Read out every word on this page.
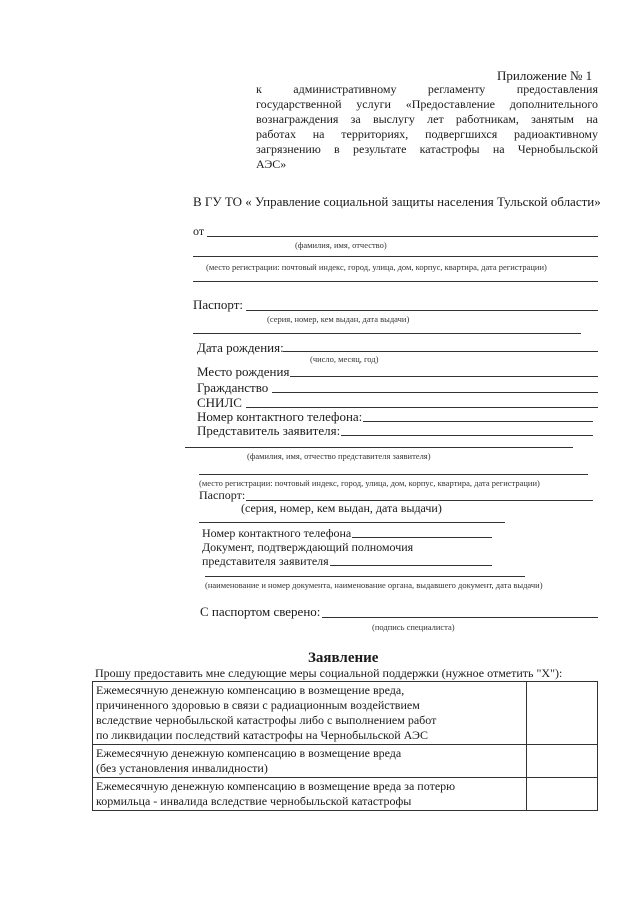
Приложение № 1
к административному регламенту предоставления
государственной услуги «Предоставление дополнительного
вознаграждения за выслугу лет работникам, занятым на
работах на территориях, подвергшихся радиоактивному
загрязнению в результате катастрофы на Чернобыльской
АЭС»
В ГУ ТО « Управление социальной защиты населения Тульской области»
от
(фамилия, имя, отчество)
(место регистрации: почтовый индекс, город, улица, дом, корпус, квартира, дата регистрации)
Паспорт:
(серия, номер, кем выдан, дата выдачи)
Дата рождения:
(число, месяц, год)
Место рождения
Гражданство
СНИЛС
Номер контактного телефона:
Представитель заявителя:
(фамилия, имя, отчество представителя заявителя)
(место регистрации: почтовый индекс, город, улица, дом, корпус, квартира, дата регистрации)
Паспорт:
(серия, номер, кем выдан, дата выдачи)
Номер контактного телефона
Документ, подтверждающий полномочия
представителя заявителя
(наименование и номер документа, наименование органа, выдавшего документ, дата выдачи)
С паспортом сверено:
(подпись специалиста)
Заявление
Прошу предоставить мне следующие меры социальной поддержки (нужное отметить "Х"):
Ежемесячную денежную компенсацию в возмещение вреда,
причиненного здоровью в связи с радиационным воздействием
вследствие чернобыльской катастрофы либо с выполнением работ
по ликвидации последствий катастрофы на Чернобыльской АЭС	

Ежемесячную денежную компенсацию в возмещение вреда
(без установления инвалидности)	

Ежемесячную денежную компенсацию в возмещение вреда за потерю
кормильца - инвалида вследствие чернобыльской катастрофы	
